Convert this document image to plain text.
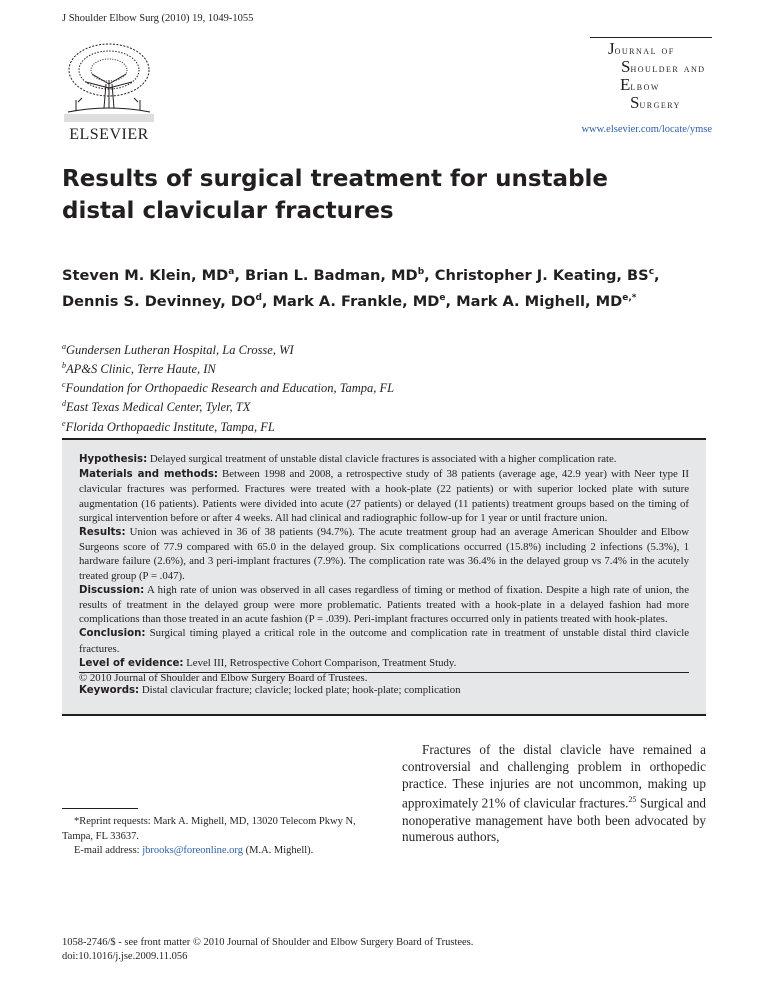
J Shoulder Elbow Surg (2010) 19, 1049-1055
ELSEVIER
Journal of
Shoulder and
Elbow
Surgery
www.elsevier.com/locate/ymse
Results of surgical treatment for unstable distal clavicular fractures
Steven M. Klein, $MD^a$, Brian L. Badman, $MD^b$, Christopher J. Keating, $BS^c$,
Dennis S. Devinney, $DO^d$, Mark A. Frankle, MDe, Mark A. Mighell, $MD^{e,*}$
$^a$Gundersen Lutheran Hospital, La Crosse, WI
$^b$AP&S Clinic, Terre Haute, IN
$^c$Foundation for Orthopaedic Research and Education, Tampa, FL
$^d$East Texas Medical Center, Tyler, TX
$^e$Florida Orthopaedic Institute, Tampa, FL

Hypothesis: Delayed surgical treatment of unstable distal clavicle fractures is associated with a higher complication rate.

Materials and methods: Between 1998 and 2008, a retrospective study of 38 patients (average age, 42.9 year) with Neer type II clavicular fractures was performed. Fractures were treated with a hook-plate (22 patients) or with superior locked plate with suture augmentation (16 patients). Patients were divided into acute (27 patients) or delayed (11 patients) treatment groups based on the timing of surgical intervention before or after 4 weeks. All had clinical and radiographic follow-up for 1 year or until fracture union.

Results: Union was achieved in 36 of 38 patients (94.7%). The acute treatment group had an average American Shoulder and Elbow Surgeons score of 77.9 compared with 65.0 in the delayed group. Six complications occurred (15.8%) including 2 infections (5.3%), 1 hardware failure (2.6%), and 3 peri-implant fractures (7.9%). The complication rate was 36.4% in the delayed group vs 7.4% in the acutely treated group (P = .047).

Discussion: A high rate of union was observed in all cases regardless of timing or method of fixation. Despite a high rate of union, the results of treatment in the delayed group were more problematic. Patients treated with a hook-plate in a delayed fashion had more complications than those treated in an acute fashion (P = .039). Peri-implant fractures occurred only in patients treated with hook-plates.

Conclusion: Surgical timing played a critical role in the outcome and complication rate in treatment of unstable distal third clavicle fractures.

Level of evidence: Level III, Retrospective Cohort Comparison, Treatment Study.

© 2010 Journal of Shoulder and Elbow Surgery Board of Trustees.

Keywords: Distal clavicular fracture; clavicle; locked plate; hook-plate; complication
*Reprint requests: Mark A. Mighell, MD, 13020 Telecom Pkwy N, Tampa, FL 33637.
E-mail address: jbrooks@foreonline.org (M.A. Mighell).
Fractures of the distal clavicle have remained a controversial and challenging problem in orthopedic practice. These injuries are not uncommon, making up approximately 21% of clavicular fractures.$^{25}$ Surgical and nonoperative management have both been advocated by numerous authors,
1058-2746/$ - see front matter © 2010 Journal of Shoulder and Elbow Surgery Board of Trustees.
doi:10.1016/j.jse.2009.11.056
